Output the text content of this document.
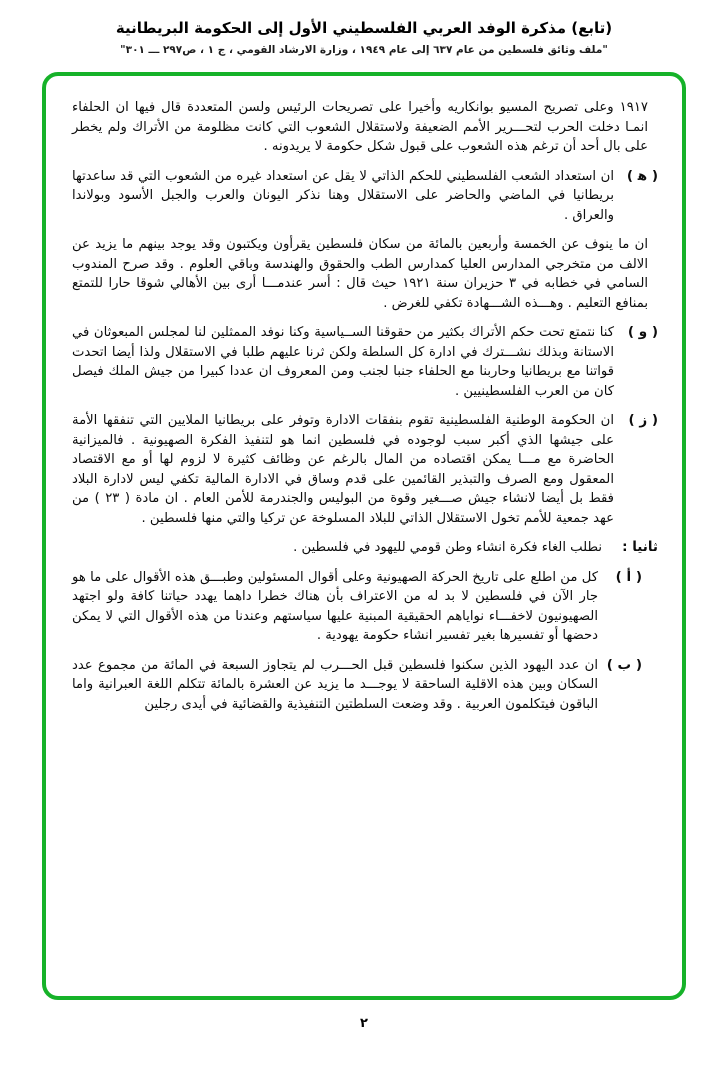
(تابع) مذكرة الوفد العربي الفلسطيني الأول إلى الحكومة البريطانية
"ملف وثائق فلسطين من عام ٦٣٧ إلى عام ١٩٤٩ ، وزارة الارشاد القومي ، ج ١ ، ص٢٩٧ ـــ ٣٠١"
١٩١٧ وعلى تصريح المسيو بوانكاريه وأخيرا على تصريحات الرئيس ولسن المتعددة قال فيها ان الحلفاء انمـا دخلت الحرب لتحـــرير الأمم الضعيفة ولاستقلال الشعوب التي كانت مظلومة من الأتراك ولم يخطر على بال أحد أن ترغم هذه الشعوب على قبول شكل حكومة لا يريدونه .
( ﻫ )
ان استعداد الشعب الفلسطيني للحكم الذاتي لا يقل عن استعداد غيره من الشعوب التي قد ساعدتها بريطانيا في الماضي والحاضر على الاستقلال وهنا نذكر اليونان والعرب والجبل الأسود وبولاندا والعراق .
ان ما ينوف عن الخمسة وأربعين بالمائة من سكان فلسطين يقرأون ويكتبون وقد يوجد بينهم ما يزيد عن الالف من متخرجي المدارس العليا كمدارس الطب والحقوق والهندسة وباقي العلوم . وقد صرح المندوب السامي في خطابه في ٣ حزيران سنة ١٩٢١ حيث قال : أسر عندمـــا أرى بين الأهالي شوقا حارا للتمتع بمنافع التعليم . وهـــذه الشـــهادة تكفي للغرض .
( و )
كنا نتمتع تحت حكم الأتراك بكثير من حقوقنا الســياسية وكنا نوفد الممثلين لنا لمجلس المبعوثان في الاستانة وبذلك نشـــترك في ادارة كل السلطة ولكن ثرنا عليهم طلبا في الاستقلال ولذا أيضا اتحدت قواتنا مع بريطانيا وحاربنا مع الحلفاء جنبا لجنب ومن المعروف ان عددا كبيرا من جيش الملك فيصل كان من العرب الفلسطينيين .
( ز )
ان الحكومة الوطنية الفلسطينية تقوم بنفقات الادارة وتوفر على بريطانيا الملايين التي تنفقها الأمة على جيشها الذي أكبر سبب لوجوده في فلسطين انما هو لتنفيذ الفكرة الصهيونية . فالميزانية الحاضرة مع مـــا يمكن اقتصاده من المال بالرغم عن وظائف كثيرة لا لزوم لها أو مع الاقتصاد المعقول ومع الصرف والتبذير القائمين على قدم وساق في الادارة المالية تكفي ليس لادارة البلاد فقط بل أيضا لانشاء جيش صـــغير وقوة من البوليس والجندرمة للأمن العام . ان مادة ( ٢٣ ) من عهد جمعية للأمم تخول الاستقلال الذاتي للبلاد المسلوخة عن تركيا والتي منها فلسطين .
ثانيا :
نطلب الغاء فكرة انشاء وطن قومي لليهود في فلسطين .
( أ )
كل من اطلع على تاريخ الحركة الصهيونية وعلى أقوال المسئولين وطبـــق هذه الأقوال على ما هو جار الآن في فلسطين لا بد له من الاعتراف بأن هناك خطرا داهما يهدد حياتنا كافة ولو اجتهد الصهيونيون لاخفـــاء نواياهم الحقيقية المبنية عليها سياستهم وعندنا من هذه الأقوال التي لا يمكن دحضها أو تفسيرها بغير تفسير انشاء حكومة يهودية .
( ب )
ان عدد اليهود الذين سكنوا فلسطين قبل الحـــرب لم يتجاوز السبعة في المائة من مجموع عدد السكان وبين هذه الاقلية الساحقة لا يوجـــد ما يزيد عن العشرة بالمائة تتكلم اللغة العبرانية واما الباقون فيتكلمون العربية . وقد وضعت السلطتين التنفيذية والقضائية في أيدى رجلين
٢
